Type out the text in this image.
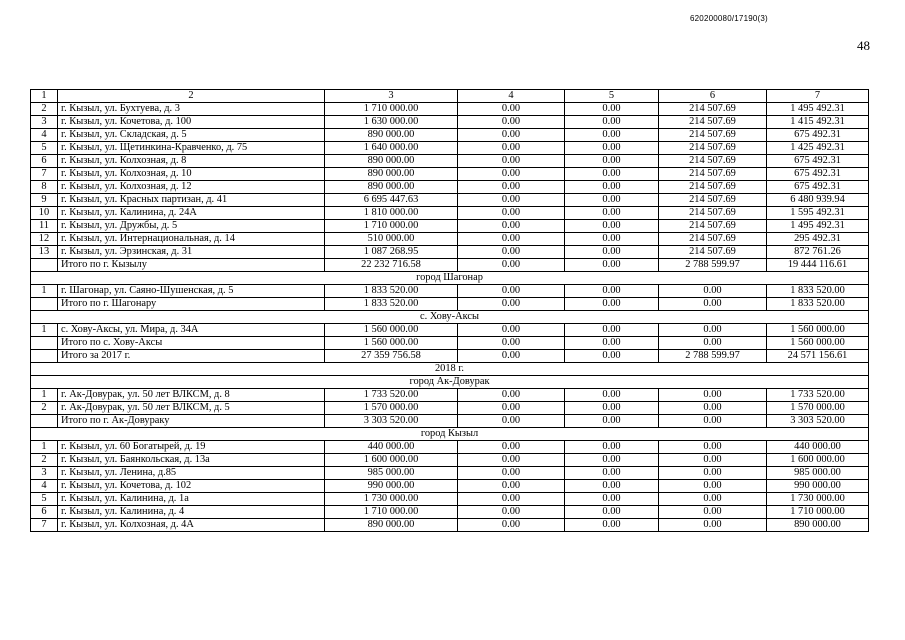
620200080/17190(3)
48
1	2	3	4	5	6	7
2	г. Кызыл, ул. Бухтуева, д. 3	1 710 000.00	0.00	0.00	214 507.69	1 495 492.31
3	г. Кызыл, ул. Кочетова, д. 100	1 630 000.00	0.00	0.00	214 507.69	1 415 492.31
4	г. Кызыл, ул. Складская, д. 5	890 000.00	0.00	0.00	214 507.69	675 492.31
5	г. Кызыл, ул. Щетинкина-Кравченко, д. 75	1 640 000.00	0.00	0.00	214 507.69	1 425 492.31
6	г. Кызыл, ул. Колхозная, д. 8	890 000.00	0.00	0.00	214 507.69	675 492.31
7	г. Кызыл, ул. Колхозная, д. 10	890 000.00	0.00	0.00	214 507.69	675 492.31
8	г. Кызыл, ул. Колхозная, д. 12	890 000.00	0.00	0.00	214 507.69	675 492.31
9	г. Кызыл, ул. Красных партизан, д. 41	6 695 447.63	0.00	0.00	214 507.69	6 480 939.94
10	г. Кызыл, ул. Калинина, д. 24А	1 810 000.00	0.00	0.00	214 507.69	1 595 492.31
11	г. Кызыл, ул. Дружбы, д. 5	1 710 000.00	0.00	0.00	214 507.69	1 495 492.31
12	г. Кызыл, ул. Интернациональная, д. 14	510 000.00	0.00	0.00	214 507.69	295 492.31
13	г. Кызыл, ул. Эрзинская, д. 31	1 087 268.95	0.00	0.00	214 507.69	872 761.26
	Итого по г. Кызылу	22 232 716.58	0.00	0.00	2 788 599.97	19 444 116.61
город Шагонар						
1	г. Шагонар, ул. Саяно-Шушенская, д. 5	1 833 520.00	0.00	0.00	0.00	1 833 520.00
	Итого по г. Шагонару	1 833 520.00	0.00	0.00	0.00	1 833 520.00
с. Хову-Аксы						
1	с. Хову-Аксы, ул. Мира, д. 34А	1 560 000.00	0.00	0.00	0.00	1 560 000.00
	Итого по с. Хову-Аксы	1 560 000.00	0.00	0.00	0.00	1 560 000.00
	Итого за 2017 г.	27 359 756.58	0.00	0.00	2 788 599.97	24 571 156.61
2018 г.						
город Ак-Довурак						
1	г. Ак-Довурак, ул. 50 лет ВЛКСМ, д. 8	1 733 520.00	0.00	0.00	0.00	1 733 520.00
2	г. Ак-Довурак, ул. 50 лет ВЛКСМ, д. 5	1 570 000.00	0.00	0.00	0.00	1 570 000.00
	Итого по г. Ак-Довураку	3 303 520.00	0.00	0.00	0.00	3 303 520.00
город Кызыл						
1	г. Кызыл, ул. 60 Богатырей, д. 19	440 000.00	0.00	0.00	0.00	440 000.00
2	г. Кызыл, ул. Баянкольская, д. 13а	1 600 000.00	0.00	0.00	0.00	1 600 000.00
3	г. Кызыл, ул. Ленина, д.85	985 000.00	0.00	0.00	0.00	985 000.00
4	г. Кызыл, ул. Кочетова, д. 102	990 000.00	0.00	0.00	0.00	990 000.00
5	г. Кызыл, ул. Калинина, д. 1а	1 730 000.00	0.00	0.00	0.00	1 730 000.00
6	г. Кызыл, ул. Калинина, д. 4	1 710 000.00	0.00	0.00	0.00	1 710 000.00
7	г. Кызыл, ул. Колхозная, д. 4А	890 000.00	0.00	0.00	0.00	890 000.00
